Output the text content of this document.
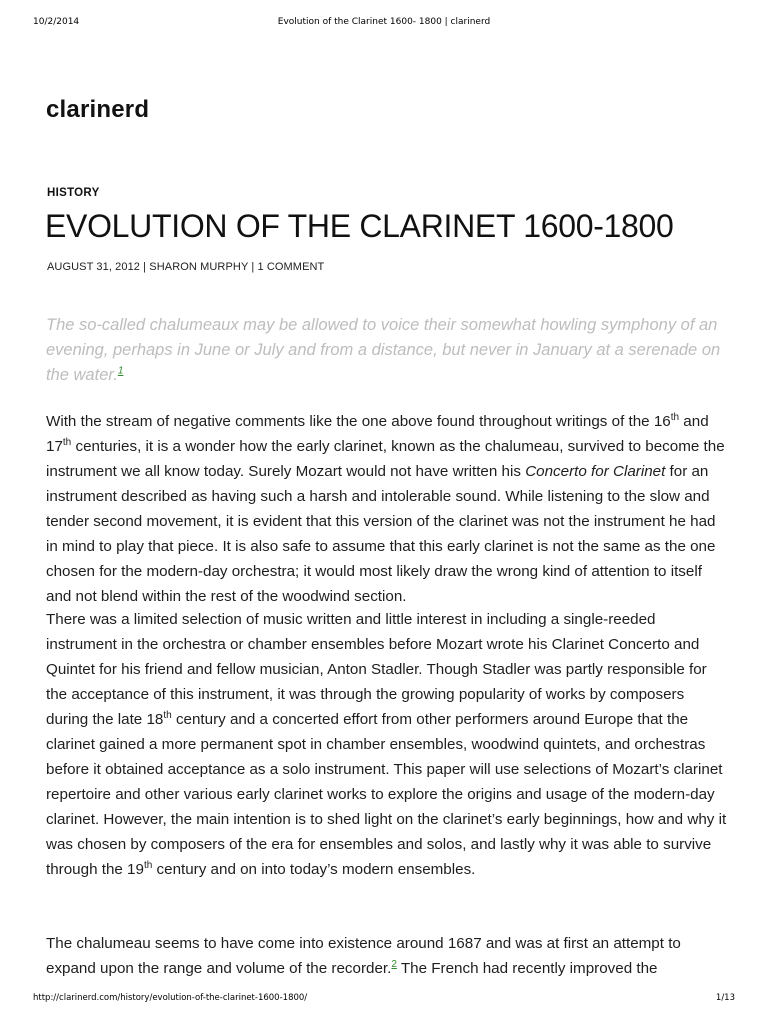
10/2/2014	Evolution of the Clarinet 1600- 1800 | clarinerd
clarinerd
HISTORY
EVOLUTION OF THE CLARINET 1600-1800
AUGUST 31, 2012 | SHARON MURPHY | 1 COMMENT
The so-called chalumeaux may be allowed to voice their somewhat howling symphony of an evening, perhaps in June or July and from a distance, but never in January at a serenade on the water.$^1$

With the stream of negative comments like the one above found throughout writings of the 16th and 17th centuries, it is a wonder how the early clarinet, known as the chalumeau, survived to become the instrument we all know today. Surely Mozart would not have written his Concerto for Clarinet for an instrument described as having such a harsh and intolerable sound. While listening to the slow and tender second movement, it is evident that this version of the clarinet was not the instrument he had in mind to play that piece. It is also safe to assume that this early clarinet is not the same as the one chosen for the modern-day orchestra; it would most likely draw the wrong kind of attention to itself and not blend within the rest of the woodwind section.

There was a limited selection of music written and little interest in including a single-reeded instrument in the orchestra or chamber ensembles before Mozart wrote his Clarinet Concerto and Quintet for his friend and fellow musician, Anton Stadler. Though Stadler was partly responsible for the acceptance of this instrument, it was through the growing popularity of works by composers during the late 18th century and a concerted effort from other performers around Europe that the clarinet gained a more permanent spot in chamber ensembles, woodwind quintets, and orchestras before it obtained acceptance as a solo instrument. This paper will use selections of Mozart’s clarinet repertoire and other various early clarinet works to explore the origins and usage of the modern-day clarinet. However, the main intention is to shed light on the clarinet’s early beginnings, how and why it was chosen by composers of the era for ensembles and solos, and lastly why it was able to survive through the 19th century and on into today’s modern ensembles.

The chalumeau seems to have come into existence around 1687 and was at first an attempt to expand upon the range and volume of the recorder.$^2$ The French had recently improved the

http://clarinerd.com/history/evolution-of-the-clarinet-1600-1800/	1/13
